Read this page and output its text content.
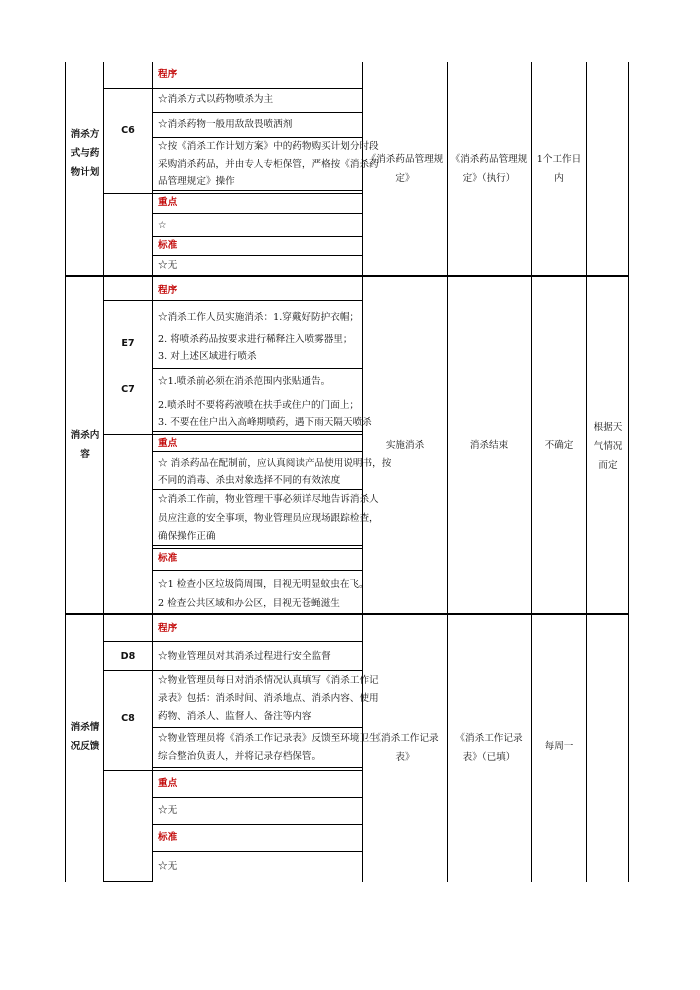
消杀方式与药物计划
C6
程序
☆消杀方式以药物喷杀为主
☆消杀药物一般用敌敌畏喷洒剂
☆按《消杀工作计划方案》中的药物购买计划分时段
采购消杀药品，并由专人专柜保管，严格按《消杀药
品管理规定》操作
重点
☆
标准
☆无
《消杀药品管理规定》
《消杀药品管理规定》（执行）
1个工作日内
消杀内容
E7
C7
程序
☆消杀工作人员实施消杀：1.穿戴好防护衣帽；
2. 将喷杀药品按要求进行稀释注入喷雾器里；
3. 对上述区域进行喷杀
☆1.喷杀前必须在消杀范围内张贴通告。
2.喷杀时不要将药液喷在扶手或住户的门面上；
3. 不要在住户出入高峰期喷药，遇下雨天隔天喷杀
重点
☆ 消杀药品在配制前，应认真阅读产品使用说明书，按
不同的消毒、杀虫对象选择不同的有效浓度
☆消杀工作前，物业管理干事必须详尽地告诉消杀人
员应注意的安全事项，物业管理员应现场跟踪检查，
确保操作正确
标准
☆1 检查小区垃圾筒周围，目视无明显蚊虫在飞。
2 检查公共区域和办公区，目视无苍蝇滋生
实施消杀	消杀结束	不确定
根据天气情况而定
消杀情况反馈
D8
C8
程序
☆物业管理员对其消杀过程进行安全监督
☆物业管理员每日对消杀情况认真填写《消杀工作记
录表》包括：消杀时间、消杀地点、消杀内容、使用
药物、消杀人、监督人、备注等内容
☆物业管理员将《消杀工作记录表》反馈至环境卫生
综合整治负责人，并将记录存档保管。
重点
☆无
标准
☆无
《消杀工作记录表》
《消杀工作记录表》（已填）
每周一
